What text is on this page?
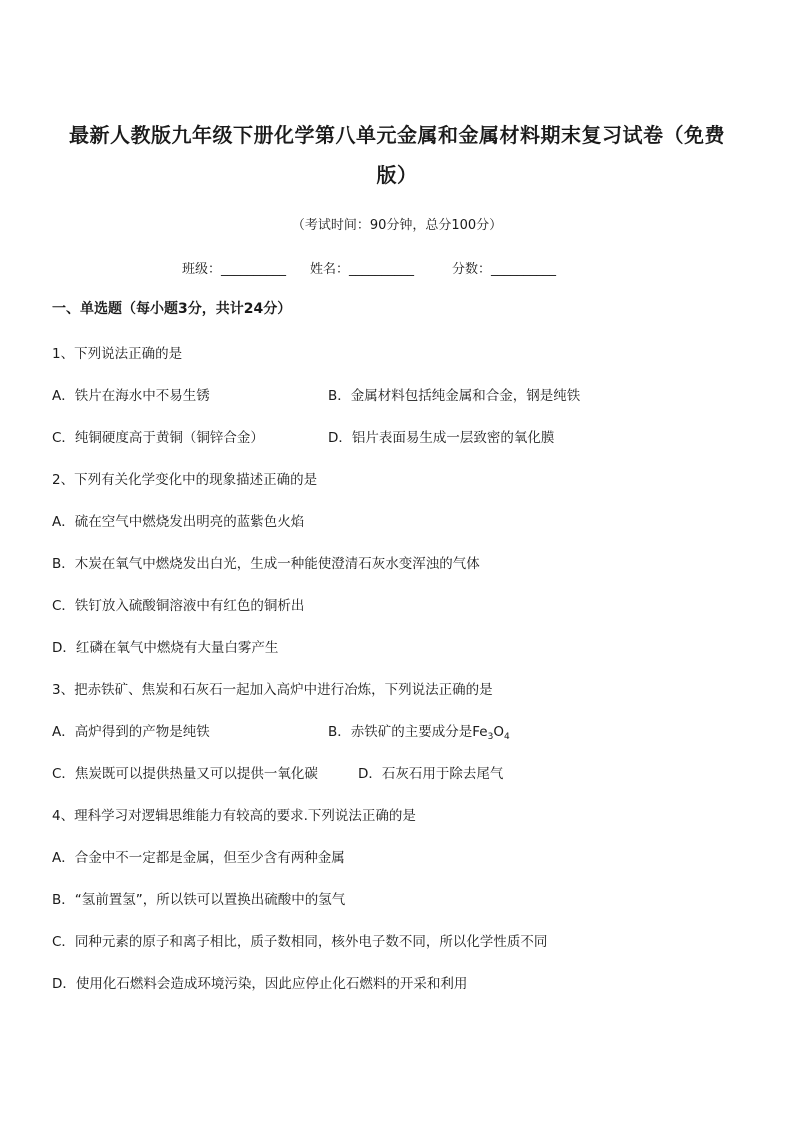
最新人教版九年级下册化学第八单元金属和金属材料期末复习试卷（免费
版）
（考试时间：90分钟，总分100分）
班级：__________ 姓名：__________	分数：__________
一、单选题（每小题3分，共计24分）
1、下列说法正确的是
A．铁片在海水中不易生锈	B．金属材料包括纯金属和合金，钢是纯铁
C．纯铜硬度高于黄铜（铜锌合金）	D．铝片表面易生成一层致密的氧化膜
2、下列有关化学变化中的现象描述正确的是
A．硫在空气中燃烧发出明亮的蓝紫色火焰
B．木炭在氧气中燃烧发出白光，生成一种能使澄清石灰水变浑浊的气体
C．铁钉放入硫酸铜溶液中有红色的铜析出
D．红磷在氧气中燃烧有大量白雾产生
3、把赤铁矿、焦炭和石灰石一起加入高炉中进行冶炼，下列说法正确的是
A．高炉得到的产物是纯铁	B．赤铁矿的主要成分是$Fe_3O_4$
C．焦炭既可以提供热量又可以提供一氧化碳	D．石灰石用于除去尾气
4、理科学习对逻辑思维能力有较高的要求.下列说法正确的是
A．合金中不一定都是金属，但至少含有两种金属
B．“氢前置氢”，所以铁可以置换出硫酸中的氢气
C．同种元素的原子和离子相比，质子数相同，核外电子数不同，所以化学性质不同
D．使用化石燃料会造成环境污染，因此应停止化石燃料的开采和利用
